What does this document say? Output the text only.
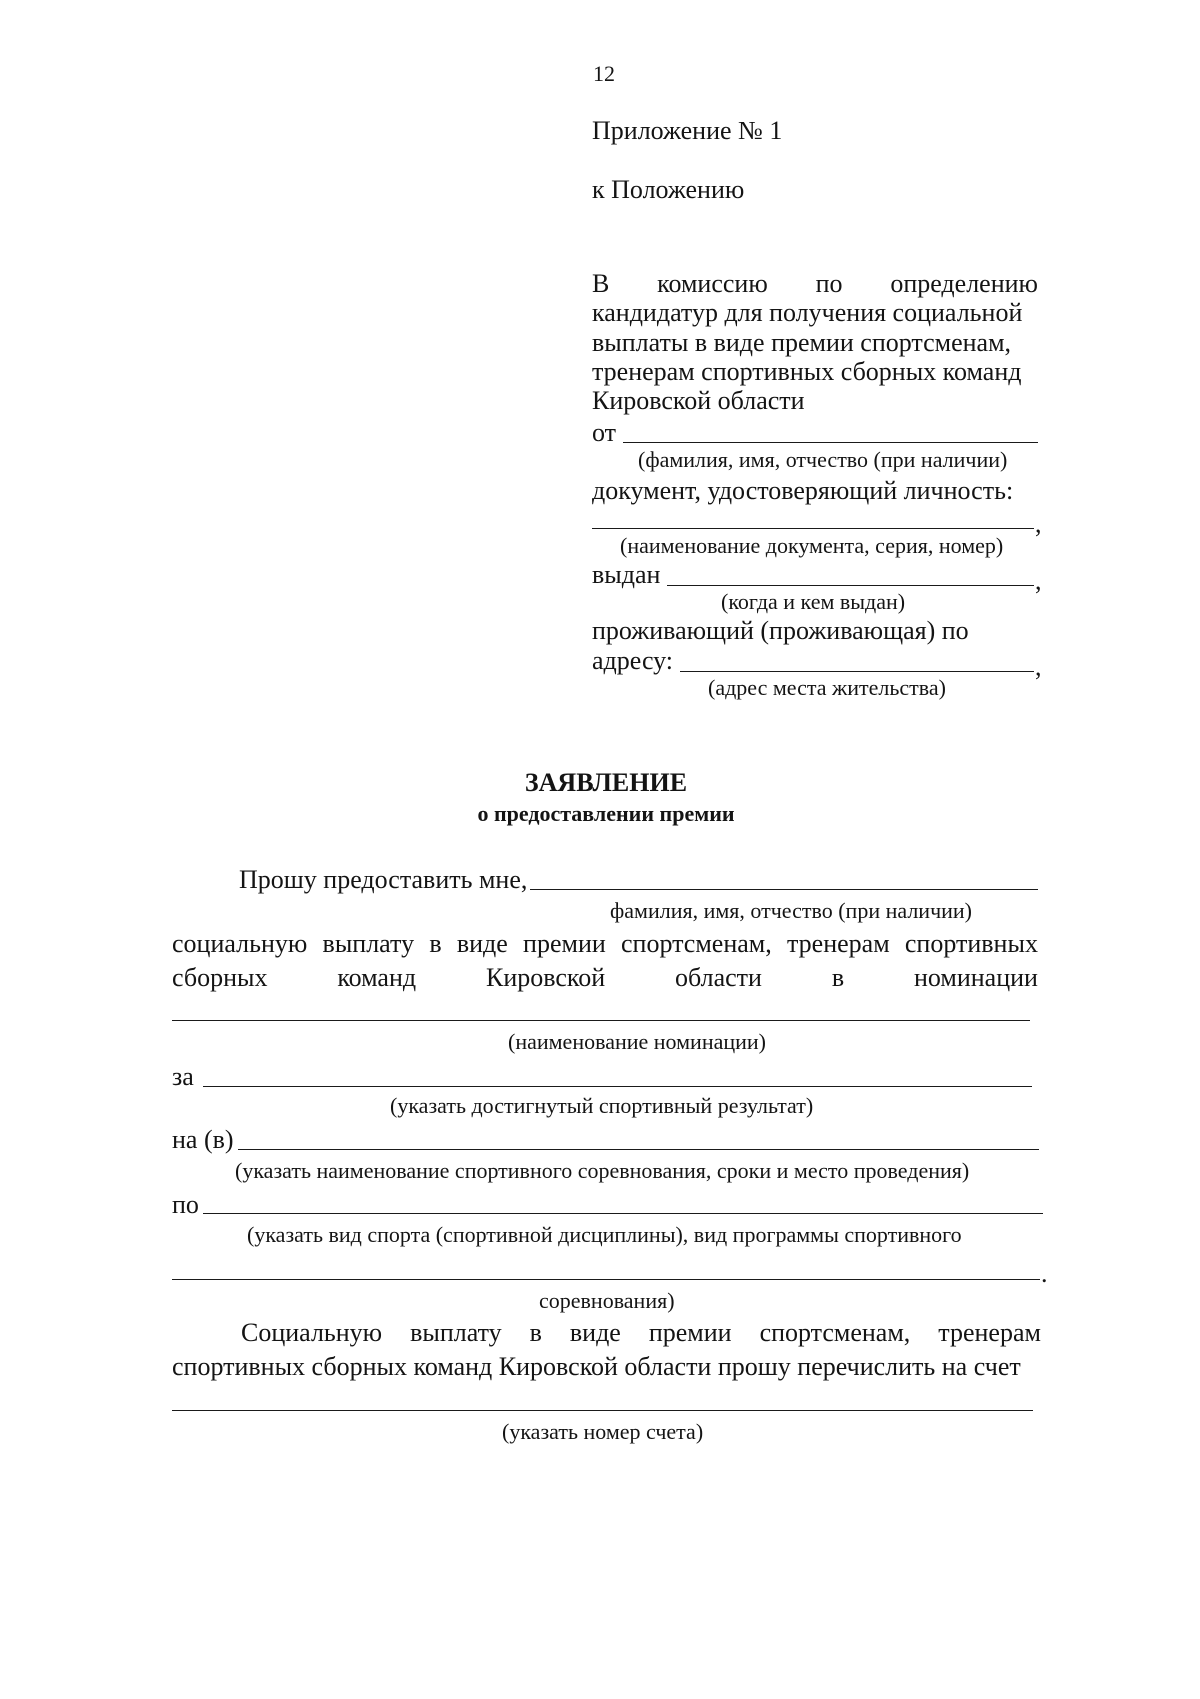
12
Приложение № 1
к Положению
В комиссию по определению
кандидатур для получения социальной
выплаты в виде премии спортсменам,
тренерам спортивных сборных команд
Кировской области
от
(фамилия, имя, отчество (при наличии)
документ, удостоверяющий личность:
,
(наименование документа, серия, номер)
выдан	,
(когда и кем выдан)
проживающий (проживающая) по
адресу:	,
(адрес места жительства)
ЗАЯВЛЕНИЕ
о предоставлении премии
Прошу предоставить мне,
фамилия, имя, отчество (при наличии)
социальную выплату в виде премии спортсменам, тренерам спортивных
сборных	команд	Кировской	области	в	номинации
(наименование номинации)
за
(указать достигнутый спортивный результат)
на (в)
(указать наименование спортивного соревнования, сроки и место проведения)
по
(указать вид спорта (спортивной дисциплины), вид программы спортивного
.
соревнования)
Социальную выплату в виде премии спортсменам, тренерам
спортивных сборных команд Кировской области прошу перечислить на счет
(указать номер счета)
